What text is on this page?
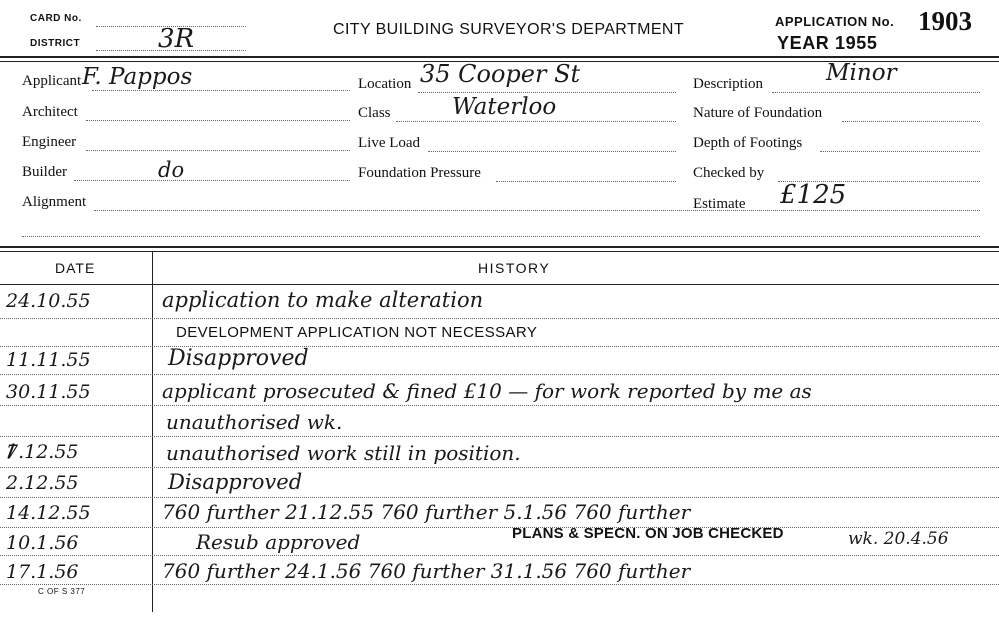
CARD No.
DISTRICT	3R	CITY BUILDING SURVEYOR'S DEPARTMENT	APPLICATION No. 1903
YEAR 1955
Applicant F. Pappos
Architect
Engineer
Builder	do
Alignment
Location 35 Cooper St
Class	Waterloo
Live Load
Foundation Pressure
Description	Minor
Nature of Foundation
Depth of Footings
Checked by
Estimate £125
DATE	HISTORY
24.10.55	application to make alteration
DEVELOPMENT APPLICATION NOT NECESSARY
11.11.55	Disapproved
30.11.55	applicant prosecuted & fined £10 — for work reported by me as
unauthorised wk.
7.12.55	unauthorised work still in position.
2.12.55	Disapproved
14.12.55	760 further 21.12.55 760 further 5.1.56 760 further
10.1.56	Resub approved	PLANS & SPECN. ON JOB CHECKED	wk. 20.4.56
17.1.56	760 further 24.1.56 760 further 31.1.56 760 further
C OF S 377
